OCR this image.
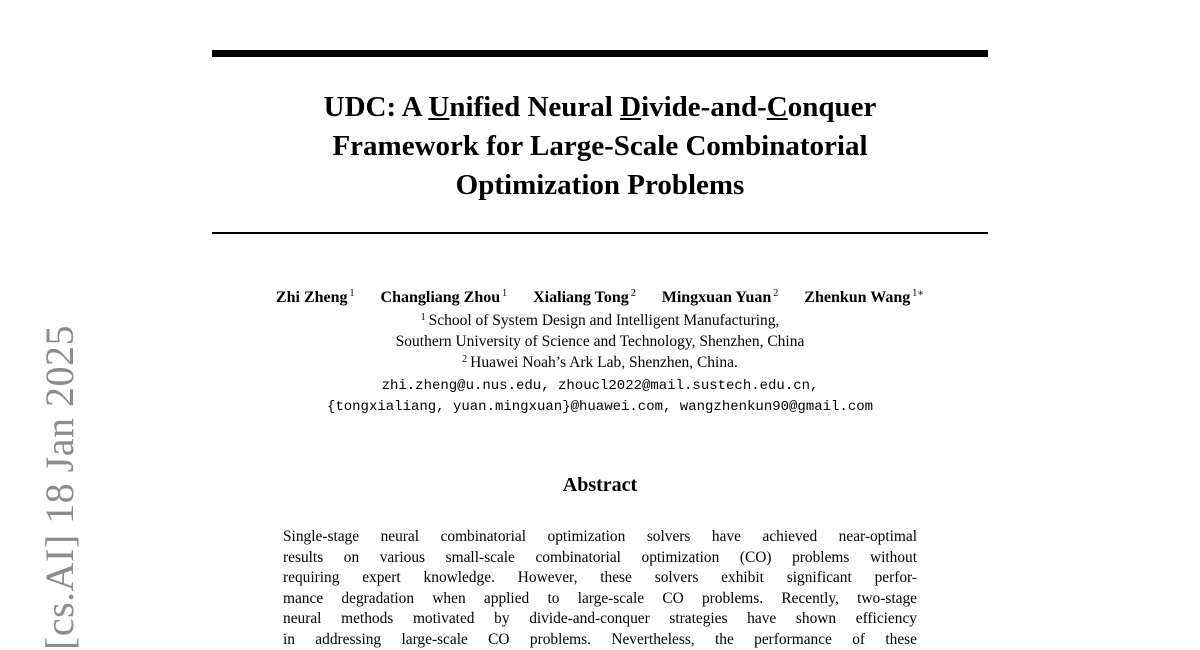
UDC: A Unified Neural Divide-and-Conquer
Framework for Large-Scale Combinatorial
Optimization Problems
Zhi Zheng $^1$ Changliang Zhou $^1$ Xialiang Tong $^2$ Mingxuan Yuan $^2$ Zhenkun Wang $^{1∗}$
$^1$ School of System Design and Intelligent Manufacturing,
Southern University of Science and Technology, Shenzhen, China
$^2$ Huawei Noah’s Ark Lab, Shenzhen, China.
zhi.zheng@u.nus.edu, zhoucl2022@mail.sustech.edu.cn,
{tongxialiang, yuan.mingxuan}@huawei.com, wangzhenkun90@gmail.com
Abstract
Single-stage neural combinatorial optimization solvers have achieved near-optimal
results on various small-scale combinatorial optimization (CO) problems without
requiring expert knowledge. However, these solvers exhibit significant perfor-
mance degradation when applied to large-scale CO problems. Recently, two-stage
neural methods motivated by divide-and-conquer strategies have shown efficiency
in addressing large-scale CO problems. Nevertheless, the performance of these
[cs.AI] 18 Jan 2025
